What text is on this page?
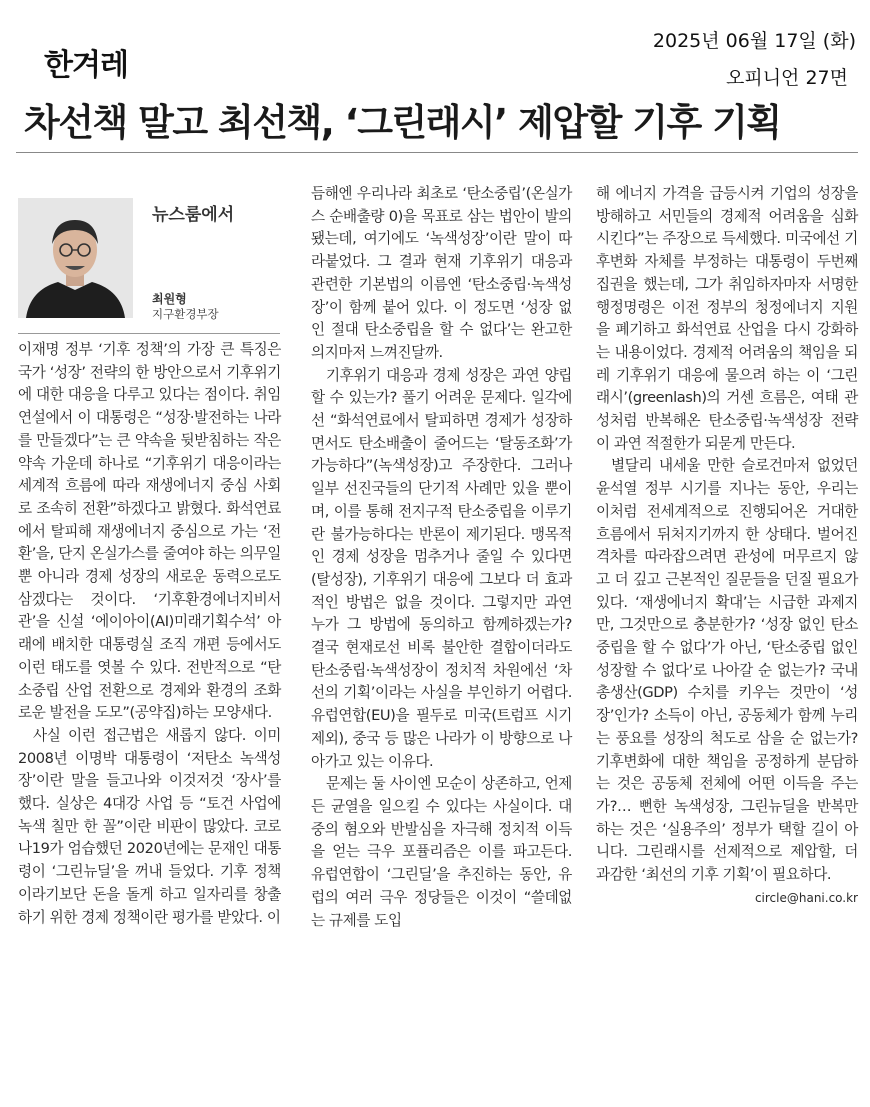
한겨레
2025년 06월 17일 (화)
오피니언 27면
차선책 말고 최선책, ‘그린래시’ 제압할 기후 기획
뉴스룸에서
최원형
지구환경부장

이재명 정부 ‘기후 정책’의 가장 큰 특징은 국가 ‘성장’ 전략의 한 방안으로서 기후위기에 대한 대응을 다루고 있다는 점이다. 취임 연설에서 이 대통령은 “성장·발전하는 나라를 만들겠다”는 큰 약속을 뒷받침하는 작은 약속 가운데 하나로 “기후위기 대응이라는 세계적 흐름에 따라 재생에너지 중심 사회로 조속히 전환”하겠다고 밝혔다. 화석연료에서 탈피해 재생에너지 중심으로 가는 ‘전환’을, 단지 온실가스를 줄여야 하는 의무일 뿐 아니라 경제 성장의 새로운 동력으로도 삼겠다는 것이다. ‘기후환경에너지비서관’을 신설 ‘에이아이(AI)미래기획수석’ 아래에 배치한 대통령실 조직 개편 등에서도 이런 태도를 엿볼 수 있다. 전반적으로 “탄소중립 산업 전환으로 경제와 환경의 조화로운 발전을 도모”(공약집)하는 모양새다.

사실 이런 접근법은 새롭지 않다. 이미 2008년 이명박 대통령이 ‘저탄소 녹색성장’이란 말을 들고나와 이것저것 ‘장사’를 했다. 실상은 4대강 사업 등 “토건 사업에 녹색 칠만 한 꼴”이란 비판이 많았다. 코로나19가 엄습했던 2020년에는 문재인 대통령이 ‘그린뉴딜’을 꺼내 들었다. 기후 정책이라기보단 돈을 돌게 하고 일자리를 창출하기 위한 경제 정책이란 평가를 받았다. 이

듬해엔 우리나라 최초로 ‘탄소중립’(온실가스 순배출량 0)을 목표로 삼는 법안이 발의됐는데, 여기에도 ‘녹색성장’이란 말이 따라붙었다. 그 결과 현재 기후위기 대응과 관련한 기본법의 이름엔 ‘탄소중립·녹색성장’이 함께 붙어 있다. 이 정도면 ‘성장 없인 절대 탄소중립을 할 수 없다’는 완고한 의지마저 느껴진달까.

기후위기 대응과 경제 성장은 과연 양립할 수 있는가? 풀기 어려운 문제다. 일각에선 “화석연료에서 탈피하면 경제가 성장하면서도 탄소배출이 줄어드는 ‘탈동조화’가 가능하다”(녹색성장)고 주장한다. 그러나 일부 선진국들의 단기적 사례만 있을 뿐이며, 이를 통해 전지구적 탄소중립을 이루기란 불가능하다는 반론이 제기된다. 맹목적인 경제 성장을 멈추거나 줄일 수 있다면(탈성장), 기후위기 대응에 그보다 더 효과적인 방법은 없을 것이다. 그렇지만 과연 누가 그 방법에 동의하고 함께하겠는가? 결국 현재로선 비록 불안한 결합이더라도 탄소중립·녹색성장이 정치적 차원에선 ‘차선의 기획’이라는 사실을 부인하기 어렵다. 유럽연합(EU)을 필두로 미국(트럼프 시기 제외), 중국 등 많은 나라가 이 방향으로 나아가고 있는 이유다.

문제는 둘 사이엔 모순이 상존하고, 언제든 균열을 일으킬 수 있다는 사실이다. 대중의 혐오와 반발심을 자극해 정치적 이득을 얻는 극우 포퓰리즘은 이를 파고든다. 유럽연합이 ‘그린딜’을 추진하는 동안, 유럽의 여러 극우 정당들은 이것이 “쓸데없는 규제를 도입

해 에너지 가격을 급등시켜 기업의 성장을 방해하고 서민들의 경제적 어려움을 심화시킨다”는 주장으로 득세했다. 미국에선 기후변화 자체를 부정하는 대통령이 두번째 집권을 했는데, 그가 취임하자마자 서명한 행정명령은 이전 정부의 청정에너지 지원을 폐기하고 화석연료 산업을 다시 강화하는 내용이었다. 경제적 어려움의 책임을 되레 기후위기 대응에 물으려 하는 이 ‘그린래시’(greenlash)의 거센 흐름은, 여태 관성처럼 반복해온 탄소중립·녹색성장 전략이 과연 적절한가 되묻게 만든다.

별달리 내세울 만한 슬로건마저 없었던 윤석열 정부 시기를 지나는 동안, 우리는 이처럼 전세계적으로 진행되어온 거대한 흐름에서 뒤처지기까지 한 상태다. 벌어진 격차를 따라잡으려면 관성에 머무르지 않고 더 깊고 근본적인 질문들을 던질 필요가 있다. ‘재생에너지 확대’는 시급한 과제지만, 그것만으로 충분한가? ‘성장 없인 탄소중립을 할 수 없다’가 아닌, ‘탄소중립 없인 성장할 수 없다’로 나아갈 순 없는가? 국내총생산(GDP) 수치를 키우는 것만이 ‘성장’인가? 소득이 아닌, 공동체가 함께 누리는 풍요를 성장의 척도로 삼을 순 없는가? 기후변화에 대한 책임을 공정하게 분담하는 것은 공동체 전체에 어떤 이득을 주는가?… 뻔한 녹색성장, 그린뉴딜을 반복만 하는 것은 ‘실용주의’ 정부가 택할 길이 아니다. 그린래시를 선제적으로 제압할, 더 과감한 ‘최선의 기후 기획’이 필요하다.

circle@hani.co.kr
